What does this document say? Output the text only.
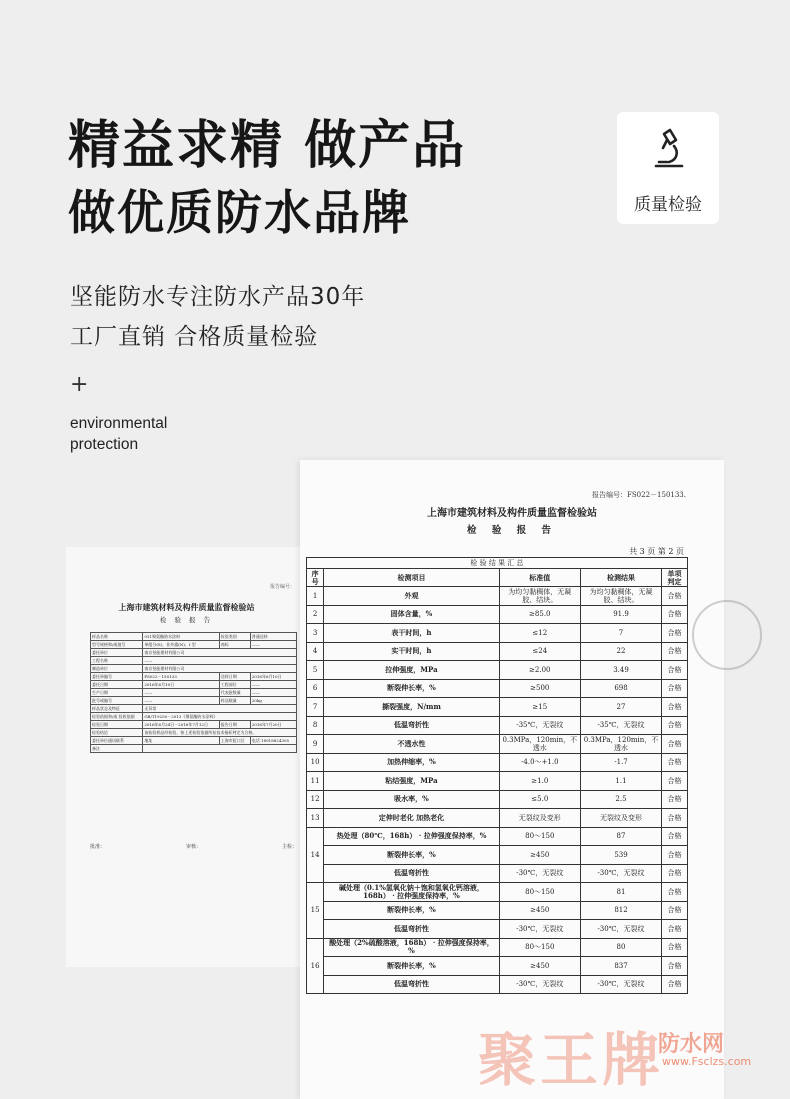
精益求精 做产品
做优质防水品牌
坚能防水专注防水产品30年
工厂直销 合格质量检验
+
environmental
protection
质量检验
报告编号：
上海市建筑材料及构件质量监督检验站
检 验 报 告
样品名称	911聚氨酯防水涂料	检验类别	普通送样
型号规格和/或批号	单组分(S)，非外露(N)、I 型	商标	——
委托单位	南京坚能建材有限公司		
工程名称	——		
制造单位	南京坚能建材有限公司		
委托单编号	FS022－150133	送样日期	2016年6月10日
委托日期	2016年6月10日	工程部位	——
生产日期	——	代表批数量	——
批号或编号	——	样品数量	20kg
样品状态及特征	无异常		
检验依据和/或 验收依据	GB/T19250－2013《聚氨酯防水涂料》		
检验日期	2016年6月24日－2016年7月12日	报告日期	2016年7月20日
检验结论	该检验样品经检验，按上述检验依据所检技术指标判定为合格。		
委托单位通讯联系	地址	上海市虹口区	电话 18918824305
备注			
批准：	审核：	主检：
报告编号：FS022－150133.
上海市建筑材料及构件质量监督检验站
检 验 报 告
共 3 页 第 2 页
检 验 结 果 汇 总				
序号	检测项目	标准值	检测结果	单项判定
1	外观	为均匀黏稠体，无凝胶、结块。	为均匀黏稠体，无凝胶、结块。	合格
2	固体含量，%	≥85.0	91.9	合格
3	表干时间，h	≤12	7	合格
4	实干时间，h	≤24	22	合格
5	拉伸强度，MPa	≥2.00	3.49	合格
6	断裂伸长率，%	≥500	698	合格
7	撕裂强度，N/mm	≥15	27	合格
8	低温弯折性	-35℃，无裂纹	-35℃，无裂纹	合格
9	不透水性	0.3MPa，120min，不透水	0.3MPa，120min，不透水	合格
10	加热伸缩率，%	-4.0～+1.0	-1.7	合格
11	粘结强度，MPa	≥1.0	1.1	合格
12	吸水率，%	≤5.0	2.5	合格
13	定伸时老化 加热老化	无裂纹及变形	无裂纹及变形	合格
14	热处理（80℃，168h） · 拉伸强度保持率，%	80～150	87	合格
	断裂伸长率，%	≥450	539	合格
	低温弯折性	-30℃，无裂纹	-30℃，无裂纹	合格
15	碱处理（0.1%氢氧化钠＋饱和氢氧化钙溶液，168h） · 拉伸强度保持率，%	80～150	81	合格
	断裂伸长率，%	≥450	812	合格
	低温弯折性	-30℃，无裂纹	-30℃，无裂纹	合格
16	酸处理（2%硫酸溶液，168h） · 拉伸强度保持率，%	80～150	80	合格
	断裂伸长率，%	≥450	837	合格
	低温弯折性	-30℃，无裂纹	-30℃，无裂纹	合格
聚王牌
防水网
www.Fsclzs.com
